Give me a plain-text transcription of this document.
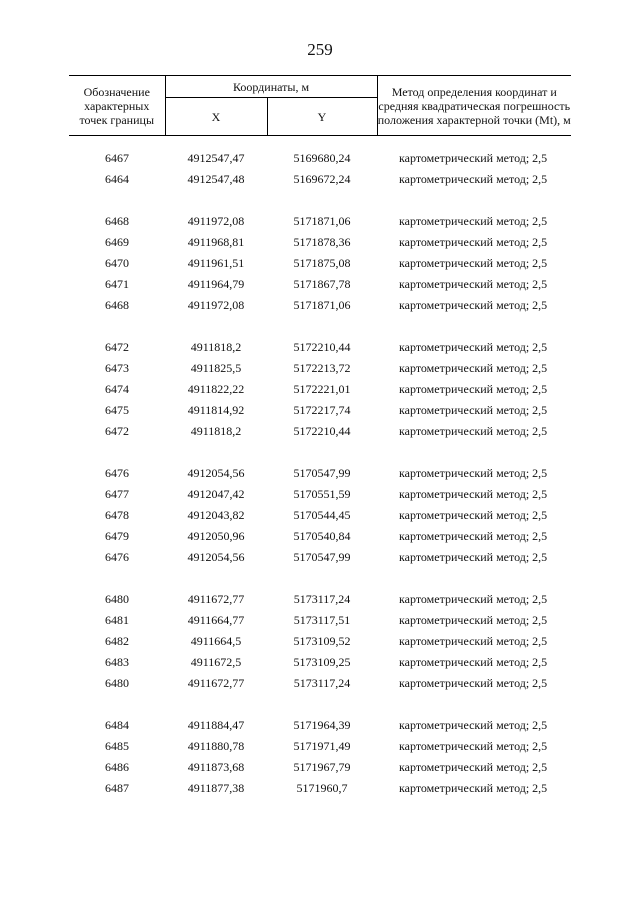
259
Обозначение характерных точек границы	Координаты, м		Метод определения координат и средняя квадратическая погрешность положения характерной точки (Mt), м
	X	Y	

6467	4912547,47	5169680,24	картометрический метод; 2,5
6464	4912547,48	5169672,24	картометрический метод; 2,5

6468	4911972,08	5171871,06	картометрический метод; 2,5
6469	4911968,81	5171878,36	картометрический метод; 2,5
6470	4911961,51	5171875,08	картометрический метод; 2,5
6471	4911964,79	5171867,78	картометрический метод; 2,5
6468	4911972,08	5171871,06	картометрический метод; 2,5

6472	4911818,2	5172210,44	картометрический метод; 2,5
6473	4911825,5	5172213,72	картометрический метод; 2,5
6474	4911822,22	5172221,01	картометрический метод; 2,5
6475	4911814,92	5172217,74	картометрический метод; 2,5
6472	4911818,2	5172210,44	картометрический метод; 2,5

6476	4912054,56	5170547,99	картометрический метод; 2,5
6477	4912047,42	5170551,59	картометрический метод; 2,5
6478	4912043,82	5170544,45	картометрический метод; 2,5
6479	4912050,96	5170540,84	картометрический метод; 2,5
6476	4912054,56	5170547,99	картометрический метод; 2,5

6480	4911672,77	5173117,24	картометрический метод; 2,5
6481	4911664,77	5173117,51	картометрический метод; 2,5
6482	4911664,5	5173109,52	картометрический метод; 2,5
6483	4911672,5	5173109,25	картометрический метод; 2,5
6480	4911672,77	5173117,24	картометрический метод; 2,5

6484	4911884,47	5171964,39	картометрический метод; 2,5
6485	4911880,78	5171971,49	картометрический метод; 2,5
6486	4911873,68	5171967,79	картометрический метод; 2,5
6487	4911877,38	5171960,7	картометрический метод; 2,5
